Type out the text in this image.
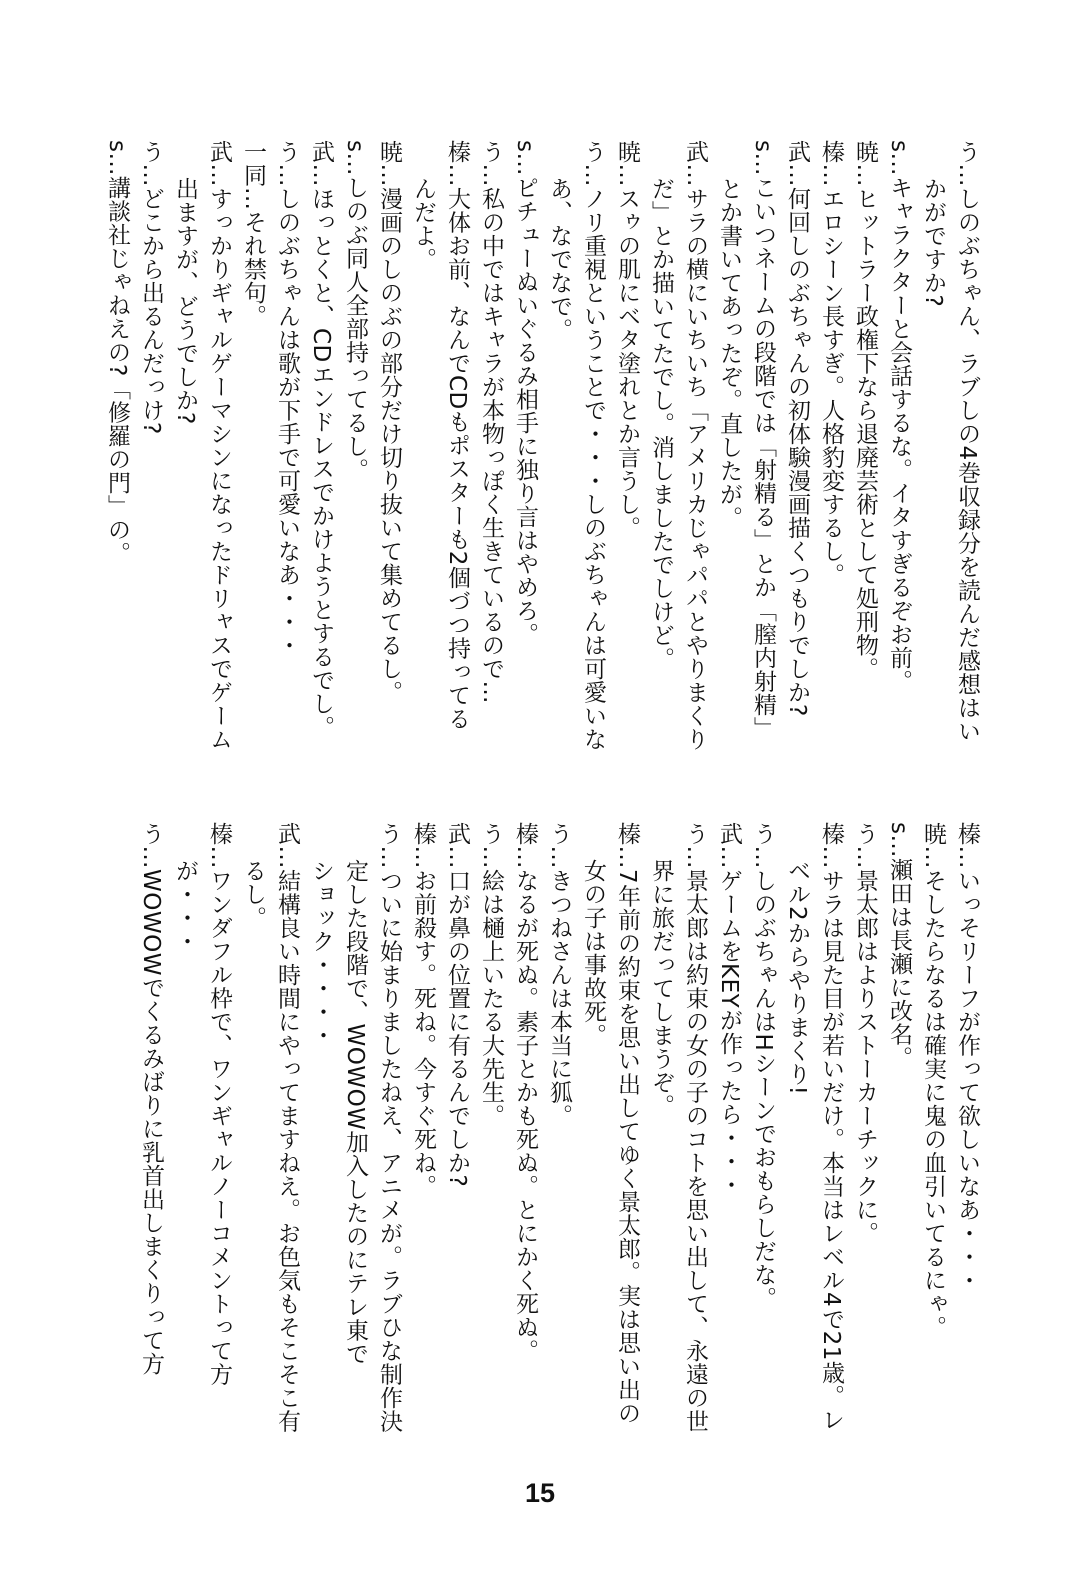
う…しのぶちゃん、ラブしの4巻収録分を読んだ感想はい
かがですか?
s…キャラクターと会話するな。イタすぎるぞお前。
暁…ヒットラー政権下なら退廃芸術として処刑物。
榛…エロシーン長すぎ。人格豹変するし。
武…何回しのぶちゃんの初体験漫画描くつもりでしか?
s…こいつネームの段階では「射精る」とか「膣内射精」
とか書いてあったぞ。直したが。
武…サラの横にいちいち「アメリカじゃパパとやりまくり
だ」とか描いてたでし。消しましたでしけど。
暁…スゥの肌にベタ塗れとか言うし。
う…ノリ重視ということで・・・しのぶちゃんは可愛いな
あ、なでなで。
s…ピチューぬいぐるみ相手に独り言はやめろ。
う…私の中ではキャラが本物っぽく生きているので…
榛…大体お前、なんでCDもポスターも2個づつ持ってる
んだよ。
暁…漫画のしのぶの部分だけ切り抜いて集めてるし。
s…しのぶ同人全部持ってるし。
武…ほっとくと、CDエンドレスでかけようとするでし。
う…しのぶちゃんは歌が下手で可愛いなあ・・・
一同…それ禁句。
武…すっかりギャルゲーマシンになったドリャスでゲーム
出ますが、どうでしか?
う…どこから出るんだっけ?
s…講談社じゃねえの?「修羅の門」の。
榛…いっそリーフが作って欲しいなあ・・・
暁…そしたらなるは確実に鬼の血引いてるにゃ。
s…瀬田は長瀬に改名。
う…景太郎はよりストーカーチックに。
榛…サラは見た目が若いだけ。本当はレベル4で21歳。レ
ベル2からやりまくり!
う…しのぶちゃんはHシーンでおもらしだな。
武…ゲームをKEYが作ったら・・・
う…景太郎は約束の女の子のコトを思い出して、永遠の世
界に旅だってしまうぞ。
榛…7年前の約束を思い出してゆく景太郎。実は思い出の
女の子は事故死。
う…きつねさんは本当に狐。
榛…なるが死ぬ。素子とかも死ぬ。とにかく死ぬ。
う…絵は樋上いたる大先生。
武…口が鼻の位置に有るんでしか?
榛…お前殺す。死ね。今すぐ死ね。
う…ついに始まりましたねえ、アニメが。ラブひな制作決
定した段階で、WOWOW加入したのにテレ東で
ショック・・・・
武…結構良い時間にやってますねえ。お色気もそこそこ有
るし。
榛…ワンダフル枠で、ワンギャルノーコメントって方
が・・・
う…WOWOWでくるみばりに乳首出しまくりって方
15
